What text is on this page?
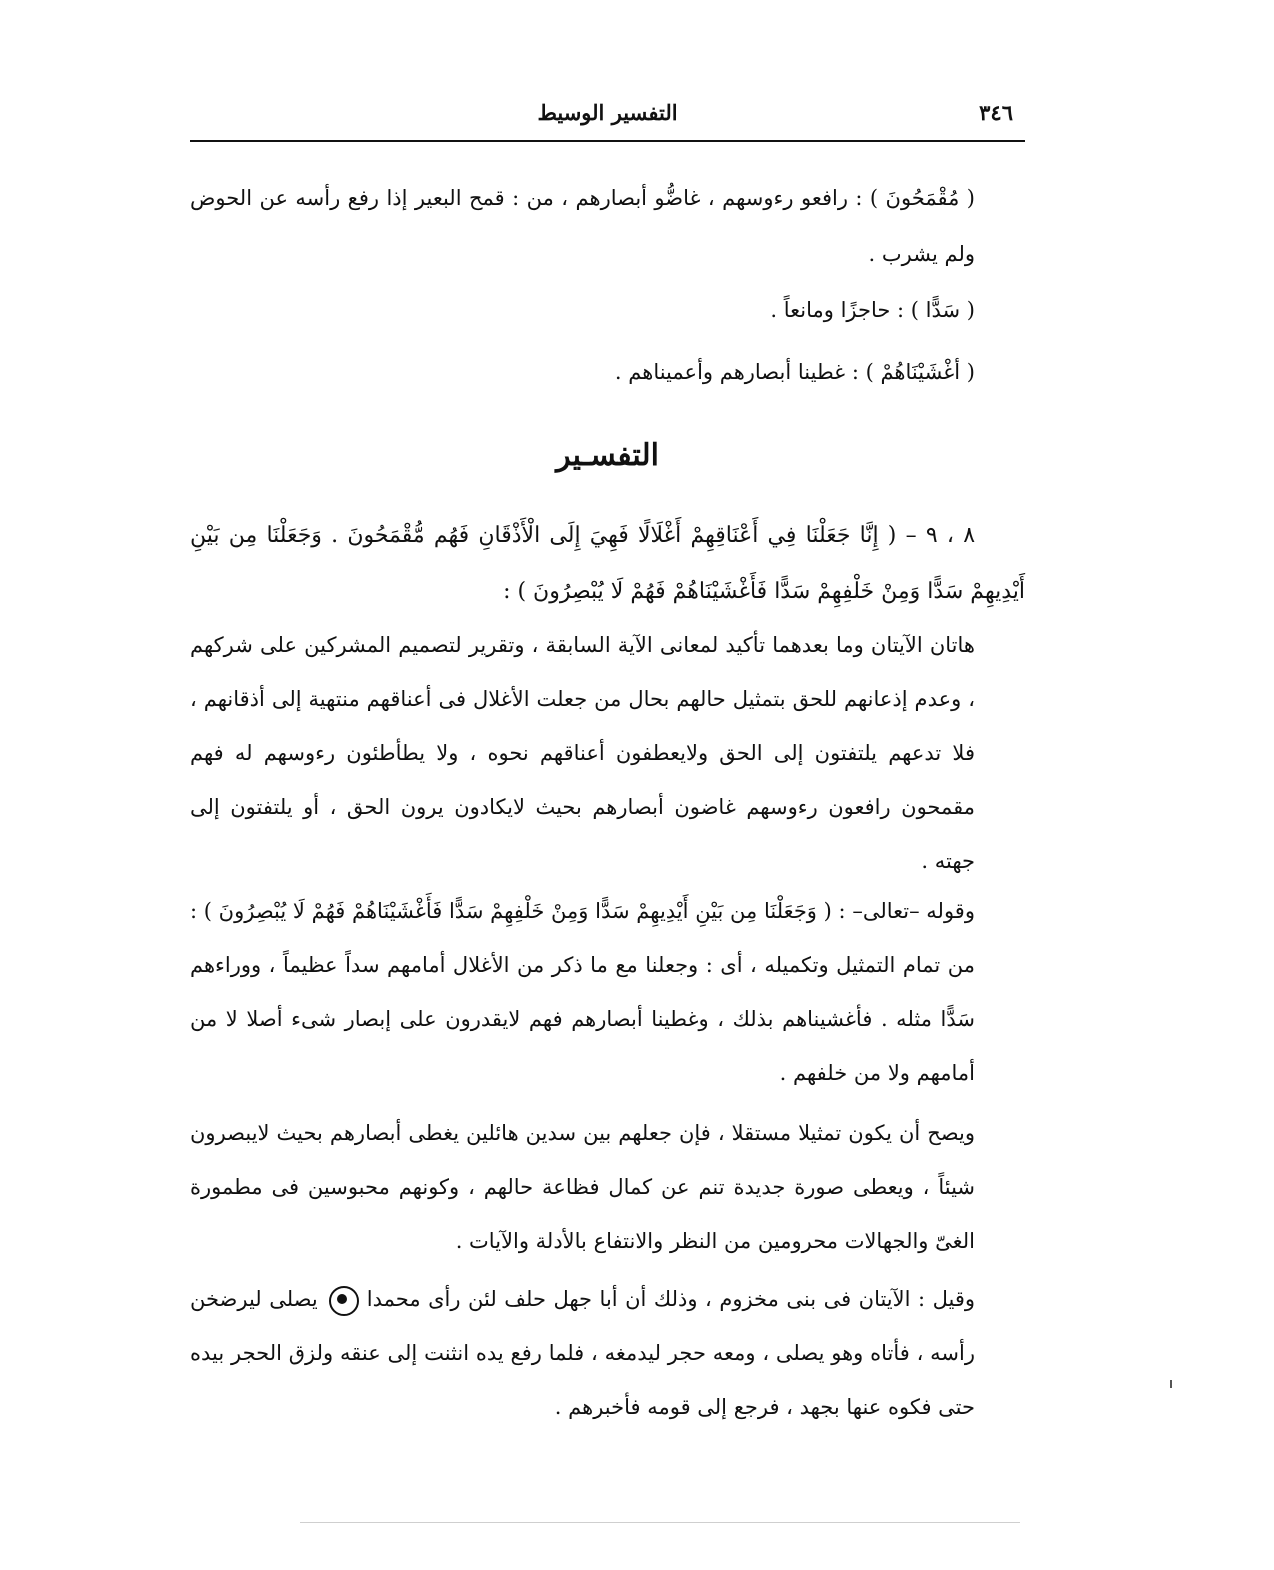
٣٤٦
التفسير الوسيط
( مُقْمَحُونَ ) : رافعو رءوسهم ، غاضُّو أبصارهم ، من : قمح البعير إذا رفع رأسه عن الحوض ولم يشرب .
( سَدًّا ) : حاجزًا ومانعاً .
( أغْشَيْنَاهُمْ ) : غطينا أبصارهم وأعميناهم .
التفسـير
٨ ، ٩ – ( إِنَّا جَعَلْنَا فِي أَعْنَاقِهِمْ أَغْلَالًا فَهِيَ إِلَى الْأَذْقَانِ فَهُم مُّقْمَحُونَ . وَجَعَلْنَا مِن بَيْنِ أَيْدِيهِمْ سَدًّا وَمِنْ خَلْفِهِمْ سَدًّا فَأَغْشَيْنَاهُمْ فَهُمْ لَا يُبْصِرُونَ ) :
هاتان الآيتان وما بعدهما تأكيد لمعانى الآية السابقة ، وتقرير لتصميم المشركين على شركهم ، وعدم إذعانهم للحق بتمثيل حالهم بحال من جعلت الأغلال فى أعناقهم منتهية إلى أذقانهم ، فلا تدعهم يلتفتون إلى الحق ولايعطفون أعناقهم نحوه ، ولا يطأطئون رءوسهم له فهم مقمحون رافعون رءوسهم غاضون أبصارهم بحيث لايكادون يرون الحق ، أو يلتفتون إلى جهته .
وقوله –تعالى– : ( وَجَعَلْنَا مِن بَيْنِ أَيْدِيهِمْ سَدًّا وَمِنْ خَلْفِهِمْ سَدًّا فَأَغْشَيْنَاهُمْ فَهُمْ لَا يُبْصِرُونَ ) : من تمام التمثيل وتكميله ، أى : وجعلنا مع ما ذكر من الأغلال أمامهم سداً عظيماً ، ووراءهم سَدًّا مثله . فأغشيناهم بذلك ، وغطينا أبصارهم فهم لايقدرون على إبصار شىء أصلا لا من أمامهم ولا من خلفهم .
ويصح أن يكون تمثيلا مستقلا ، فإن جعلهم بين سدين هائلين يغطى أبصارهم بحيث لايبصرون شيئاً ، ويعطى صورة جديدة تنم عن كمال فظاعة حالهم ، وكونهم محبوسين فى مطمورة الغىّ والجهالات محرومين من النظر والانتفاع بالأدلة والآيات .
وقيل : الآيتان فى بنى مخزوم ، وذلك أن أبا جهل حلف لئن رأى محمدا  يصلى ليرضخن رأسه ، فأتاه وهو يصلى ، ومعه حجر ليدمغه ، فلما رفع يده انثنت إلى عنقه ولزق الحجر بيده حتى فكوه عنها بجهد ، فرجع إلى قومه فأخبرهم .
